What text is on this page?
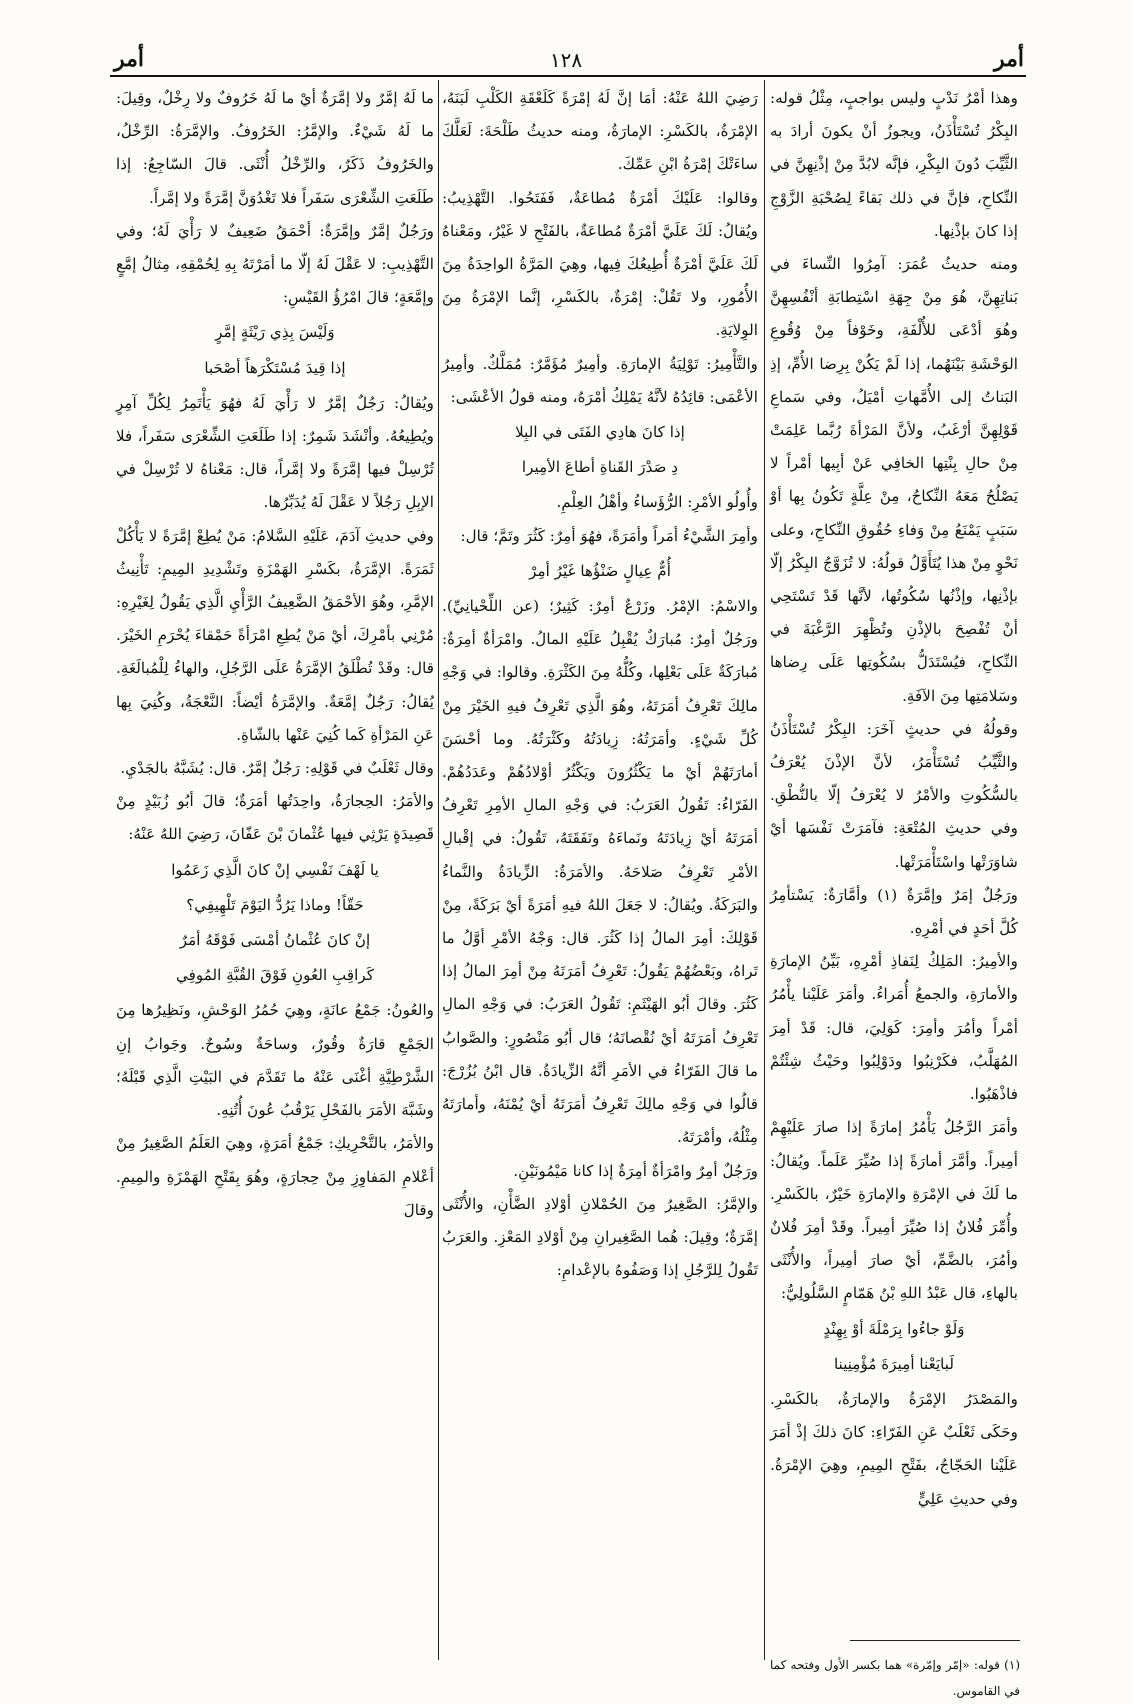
أمر
١٢٨
أمر

وهذا أمْرُ نَدْبٍ وليس بواجبٍ، مِثْلُ قوله: البِكْرُ تُسْتَأْذَنُ، ويجوزُ أنْ يكونَ أرادَ به الثَّيِّبَ دُونَ البِكْرِ، فإنَّه لابُدَّ مِنْ إذْنِهِنَّ في النِّكاحِ، فإنَّ في ذلك بَقاءً لِصُحْبَةِ الزَّوْجِ إذا كانَ بإذْنِها.

ومنه حديثُ عُمَرَ: آمِرُوا النِّساءَ في بَناتِهِنَّ، هُوَ مِنْ جِهَةِ اسْتِطابَةِ أنْفُسِهِنَّ وهُوَ أدْعَى للأُلْفَةِ، وخَوْفاً مِنْ وُقُوعِ الوَحْشَةِ بَيْنَهُما، إذا لَمْ يَكُنْ بِرِضا الأُمِّ، إذِ البَناتُ إلى الأُمَّهاتِ أمْيَلُ، وفي سَماعِ قَوْلِهِنَّ أرْغَبُ، ولأنَّ المَرْأةَ رُبَّما عَلِمَتْ مِنْ حالِ بِنْتِها الخافِي عَنْ أبِيها أمْراً لا يَصْلُحُ مَعَهُ النِّكاحُ، مِنْ عِلَّةٍ تَكُونُ بِها أوْ سَبَبٍ يَمْنَعُ مِنْ وَفاءِ حُقُوقِ النِّكاحِ، وعلى نَحْوٍ مِنْ هذا يُتَأَوَّلُ قولُهُ: لا تُزَوَّجُ البِكْرُ إلّا بإذْنِها، وإذْنُها سُكُوتُها، لأنَّها قَدْ تَسْتَحِي أنْ تُفْصِحَ بالإذْنِ وتُظْهِرَ الرَّغْبَةَ في النِّكاحِ، فيُسْتَدَلُّ بسُكُوتِها عَلَى رِضاها وسَلامَتِها مِنَ الآفَةِ.

وقولُهُ في حديثٍ آخَرَ: البِكْرُ تُسْتَأْذَنُ والثَّيِّبُ تُسْتَأْمَرُ، لأنَّ الإذْنَ يُعْرَفُ بالسُّكُوتِ والأمْرُ لا يُعْرَفُ إلّا بالنُّطْقِ. وفي حديثِ المُتْعَةِ: فآمَرَتْ نَفْسَها أيْ شاوَرَتْها واسْتَأْمَرَتْها.

ورَجُلٌ إمَرٌ وإمَّرَةٌ (١) وأمَّارَةٌ: يَسْتأمِرُ كُلَّ أحَدٍ في أمْرِهِ.

والأمِيرُ: المَلِكُ لِنَفاذِ أمْرِهِ، بَيِّنُ الإمارَةِ والأمارَةِ، والجمعُ أُمَراءُ. وأمَرَ عَلَيْنا يأْمُرُ أمْراً وأمُرَ وأمِرَ: كَوَلِيَ، قال: قَدْ أمِرَ المُهَلَّبُ، فكَرْنِبُوا ودَوْلِبُوا وحَيْثُ شِئْتُمْ فاذْهَبُوا.

وأمَرَ الرَّجُلُ يَأْمُرُ إمارَةً إذا صارَ عَلَيْهِمْ أمِيراً. وأمَّرَ أمارَةً إذا صُيِّرَ عَلَماً. ويُقالُ: ما لَكَ في الإمْرَةِ والإمارَةِ خَيْرٌ، بالكَسْرِ. وأُمِّرَ فُلانٌ إذا صُيِّرَ أمِيراً. وقَدْ أمِرَ فُلانٌ وأمُرَ، بالضَّمِّ، أيْ صارَ أمِيراً، والأُنْثَى بالهاءِ، قال عَبْدُ اللهِ بْنُ هَمّامٍ السَّلُولِيُّ:

وَلَوْ جاءُوا بِرَمْلَةَ أوْ بِهِنْدٍ

لَبايَعْنا أمِيرَةَ مُؤْمِنِينا

والمَصْدَرُ الإمْرَةُ والإمارَةُ، بالكَسْرِ. وحَكَى ثَعْلَبٌ عَنِ الفَرّاءِ: كانَ ذلكَ إذْ أمَرَ عَلَيْنا الحَجّاجُ، بفَتْحِ المِيمِ، وهِيَ الإمْرَةُ. وفي حديثِ عَلِيٍّ

رَضِيَ اللهُ عَنْهُ: أمَا إنَّ لَهُ إمْرَةً كَلَعْقَةِ الكَلْبِ لَبَنَهُ، الإمْرَةُ، بالكَسْرِ: الإمارَةُ، ومنه حديثُ طَلْحَةَ: لَعَلَّكَ ساءَتْكَ إمْرَةُ ابْنِ عَمِّكَ.

وقالوا: عَلَيْكَ أمْرَةٌ مُطاعَةٌ، فَفَتَحُوا. التَّهْذِيبُ: ويُقالُ: لَكَ عَلَيَّ أمْرَةٌ مُطاعَةٌ، بالفَتْحِ لا غَيْرُ، ومَعْناهُ لَكَ عَلَيَّ أمْرَةٌ أُطِيعُكَ فِيها، وهِيَ المَرَّةُ الواحِدَةُ مِنَ الأُمُورِ، ولا تَقُلْ: إمْرَةٌ، بالكَسْرِ، إنَّما الإمْرَةُ مِنَ الوِلايَةِ.

والتَّأْمِيرُ: تَوْلِيَةُ الإمارَةِ. وأمِيرٌ مُؤَمَّرٌ: مُمَلَّكٌ. وأمِيرُ الأعْمَى: قائِدُهُ لأنَّهُ يَمْلِكُ أمْرَهُ، ومنه قولُ الأعْشَى:

إذا كانَ هادِي الفَتَى في البِلا

دِ صَدْرَ القَناةِ أطاعَ الأمِيرا

وأُولُو الأمْرِ: الرُّؤَساءُ وأهْلُ العِلْمِ.

وأمِرَ الشَّيْءُ أمَراً وأمَرَةً، فهُوَ أمِرٌ: كَثُرَ وتَمَّ؛ قال:

أُمٌّ عِيالٍ ضَنْؤُها غَيْرُ أمِرْ

والاسْمُ: الإمْرُ. وزَرْعٌ أمِرٌ: كَثِيرٌ؛ (عن اللِّحْيانِيِّ). ورَجُلٌ أمِرٌ: مُبارَكٌ يُقْبِلُ عَلَيْهِ المالُ. وامْرَأةٌ أمِرَةٌ: مُبارَكَةٌ عَلَى بَعْلِها، وكُلُّهُ مِنَ الكَثْرَةِ. وقالوا: في وَجْهِ مالِكَ تَعْرِفُ أمَرَتَهُ، وهُوَ الَّذِي تَعْرِفُ فيهِ الخَيْرَ مِنْ كُلِّ شَيْءٍ. وأمَرَتُهُ: زِيادَتُهُ وكَثْرَتُهُ. وما أحْسَنَ أمارَتَهُمْ أيْ ما يَكْثُرُونَ ويَكْثُرُ أوْلادُهُمْ وعَدَدُهُمْ. الفَرّاءُ: تَقُولُ العَرَبُ: في وَجْهِ المالِ الأمِرِ تَعْرِفُ أمَرَتَهُ أيْ زِيادَتَهُ ونَماءَهُ ونَفَقَتَهُ، تَقُولُ: في إقْبالِ الأمْرِ تَعْرِفُ صَلاحَهُ. والأمَرَةُ: الزِّيادَةُ والنَّماءُ والبَرَكَةُ. ويُقالُ: لا جَعَلَ اللهُ فيهِ أمَرَةً أيْ بَرَكَةً، مِنْ قَوْلِكَ: أمِرَ المالُ إذا كَثُرَ. قال: وَجْهُ الأمْرِ أوَّلُ ما تَراهُ، وبَعْضُهُمْ يَقُولُ: تَعْرِفُ أمَرَتَهُ مِنْ أمِرَ المالُ إذا كَثُرَ. وقالَ أبُو الهَيْثَمِ: تَقُولُ العَرَبُ: في وَجْهِ المالِ تَعْرِفُ أمَرَتَهُ أيْ نُقْصانَهُ؛ قال أبُو مَنْصُورٍ: والصَّوابُ ما قالَ الفَرّاءُ في الأمَرِ أنَّهُ الزِّيادَةُ. قال ابْنُ بُزُرْجَ: قالُوا في وَجْهِ مالِكَ تَعْرِفُ أمَرَتَهُ أيْ يُمْنَهُ، وأمارَتَهُ مِثْلُهُ، وأمْرَتَهُ.

ورَجُلٌ أمِرٌ وامْرَأةٌ أمِرَةٌ إذا كانا مَيْمُونَيْنِ.

والإمَّرُ: الصَّغِيرُ مِنَ الحُمْلانِ أوْلادِ الضَّأْنِ، والأُنْثَى إمَّرَةٌ؛ وقِيلَ: هُما الصَّغِيرانِ مِنْ أوْلادِ المَعْزِ. والعَرَبُ تَقُولُ لِلرَّجُلِ إذا وَصَفُوهُ بالإعْدامِ:

ما لَهُ إمَّرٌ ولا إمَّرَةٌ أيْ ما لَهُ خَرُوفٌ ولا رِخْلٌ، وقِيلَ: ما لَهُ شَيْءٌ. والإمَّرُ: الخَرُوفُ. والإمَّرَةُ: الرِّخْلُ، والخَرُوفُ ذَكَرٌ، والرِّخْلُ أُنْثَى. قالَ السّاجِعُ: إذا طَلَعَتِ الشِّعْرَى سَفَراً فلا تَغْدُوَنَّ إمَّرَةً ولا إمَّراً.

ورَجُلٌ إمَّرٌ وإمَّرَةٌ: أحْمَقُ ضَعِيفٌ لا رَأْيَ لَهُ؛ وفي التَّهْذِيبِ: لا عَقْلَ لَهُ إلّا ما أمَرْتَهُ بِهِ لِحُمْقِهِ، مِثالُ إمَّعٍ وإمَّعَةٍ؛ قالَ امْرُؤُ القَيْسِ:

وَلَيْسَ بِذِي رَيْثَةٍ إمَّرٍ

إذا قِيدَ مُسْتَكْرَهاً أصْحَبا

ويُقالُ: رَجُلٌ إمَّرٌ لا رَأْيَ لَهُ فهُوَ يَأْتَمِرُ لِكُلِّ آمِرٍ ويُطِيعُهُ. وأنْشَدَ شَمِرٌ: إذا طَلَعَتِ الشِّعْرَى سَفَراً، فلا تُرْسِلْ فيها إمَّرَةً ولا إمَّراً، قال: مَعْناهُ لا تُرْسِلْ في الإبِلِ رَجُلاً لا عَقْلَ لَهُ يُدَبِّرُها.

وفي حديثِ آدَمَ، عَلَيْهِ السَّلامُ: مَنْ يُطِعْ إمَّرَةً لا يَأْكُلْ ثَمَرَةً. الإمَّرَةُ، بكَسْرِ الهَمْزَةِ وتَشْدِيدِ المِيمِ: تَأْنِيثُ الإمَّرِ، وهُوَ الأحْمَقُ الضَّعِيفُ الرَّأْيِ الَّذِي يَقُولُ لِغَيْرِهِ: مُرْنِي بأمْرِكَ، أيْ مَنْ يُطِعِ امْرَأةً حَمْقاءَ يُحْرَمِ الخَيْرَ. قال: وقَدْ تُطْلَقُ الإمَّرَةُ عَلَى الرَّجُلِ، والهاءُ لِلْمُبالَغَةِ. يُقالُ: رَجُلٌ إمَّعَةٌ. والإمَّرَةُ أيْضاً: النَّعْجَةُ، وكُنِيَ بِها عَنِ المَرْأةِ كَما كُنِيَ عَنْها بالشّاةِ.

وقال ثَعْلَبٌ في قَوْلِهِ: رَجُلٌ إمَّرٌ. قال: يُشَبَّهُ بالجَدْيِ.

والأمَرُ: الحِجارَةُ، واحِدَتُها أمَرَةٌ؛ قالَ أبُو زُبَيْدٍ مِنْ قَصِيدَةٍ يَرْثِي فيها عُثْمانَ بْنَ عَفّانَ، رَضِيَ اللهُ عَنْهُ:

يا لَهْفَ نَفْسِي إنْ كانَ الَّذِي زَعَمُوا

حَقّاً! وماذا يَرُدُّ اليَوْمَ تَلْهِيفِي؟

إنْ كانَ عُثْمانُ أمْسَى فَوْقَهُ أمَرٌ

كَراقِبِ العُونِ فَوْقَ القُبَّةِ المُوفِي

والعُونُ: جَمْعُ عانَةٍ، وهِيَ حُمُرُ الوَحْشِ، ونَظِيرُها مِنَ الجَمْعِ قارَةٌ وقُورٌ، وساحَةٌ وسُوحٌ. وجَوابُ إنِ الشَّرْطِيَّةِ أغْنَى عَنْهُ ما تَقَدَّمَ في البَيْتِ الَّذِي قَبْلَهُ؛ وشَبَّهَ الأمَرَ بالفَحْلِ يَرْقُبُ عُونَ أُتُنِهِ.

والأمَرُ، بالتَّحْرِيكِ: جَمْعُ أمَرَةٍ، وهِيَ العَلَمُ الصَّغِيرُ مِنْ أعْلامِ المَفاوِزِ مِنْ حِجارَةٍ، وهُوَ بِفَتْحِ الهَمْزَةِ والمِيمِ. وقالَ

(١) قوله: «إمّر وإمّرة» هما بكسر الأول وفتحه كما في القاموس.
